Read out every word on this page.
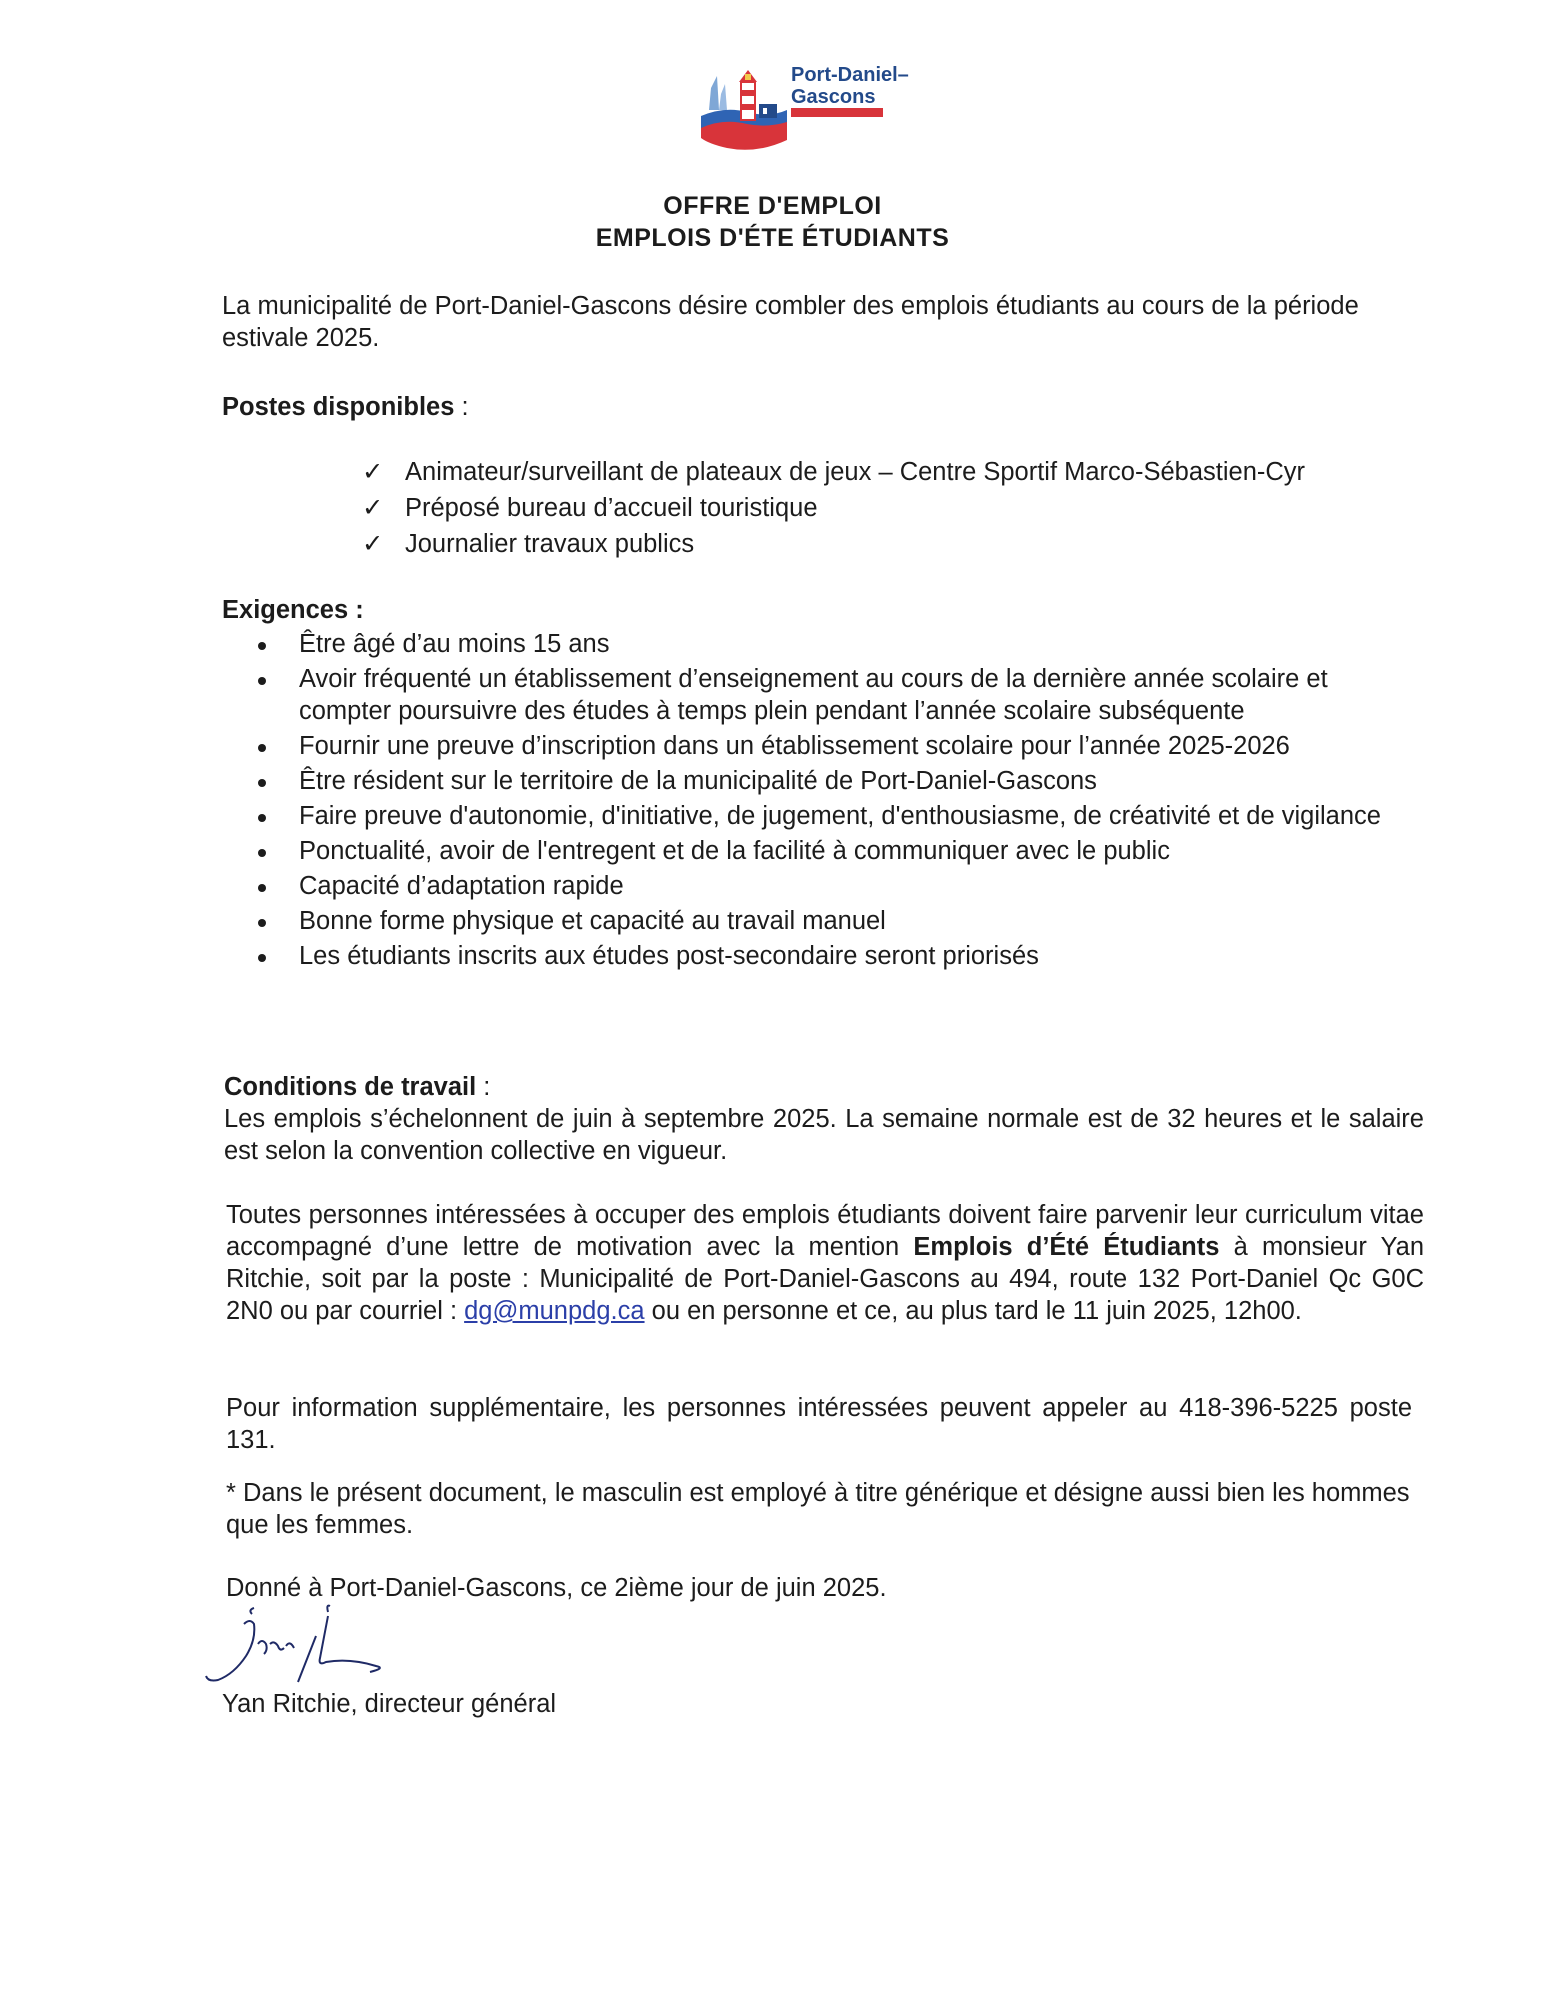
Port-Daniel–
Gascons
OFFRE D'EMPLOI
EMPLOIS D'ÉTE ÉTUDIANTS
La municipalité de Port-Daniel-Gascons désire combler des emplois étudiants au cours de la période estivale 2025.
Postes disponibles :
✓ Animateur/surveillant de plateaux de jeux – Centre Sportif Marco-Sébastien-Cyr
✓ Préposé bureau d’accueil touristique
✓ Journalier travaux publics
Exigences :
Être âgé d’au moins 15 ans
Avoir fréquenté un établissement d’enseignement au cours de la dernière année scolaire et compter poursuivre des études à temps plein pendant l’année scolaire subséquente
Fournir une preuve d’inscription dans un établissement scolaire pour l’année 2025-2026
Être résident sur le territoire de la municipalité de Port-Daniel-Gascons
Faire preuve d'autonomie, d'initiative, de jugement, d'enthousiasme, de créativité et de vigilance
Ponctualité, avoir de l'entregent et de la facilité à communiquer avec le public
Capacité d’adaptation rapide
Bonne forme physique et capacité au travail manuel
Les étudiants inscrits aux études post-secondaire seront priorisés
Conditions de travail :
Les emplois s’échelonnent de juin à septembre 2025. La semaine normale est de 32 heures et le salaire est selon la convention collective en vigueur.
Toutes personnes intéressées à occuper des emplois étudiants doivent faire parvenir leur curriculum vitae accompagné d’une lettre de motivation avec la mention Emplois d’Été Étudiants à monsieur Yan Ritchie, soit par la poste : Municipalité de Port-Daniel-Gascons au 494, route 132 Port-Daniel Qc G0C 2N0 ou par courriel : dg@munpdg.ca ou en personne et ce, au plus tard le 11 juin 2025, 12h00.
Pour information supplémentaire, les personnes intéressées peuvent appeler au 418-396-5225 poste 131.
* Dans le présent document, le masculin est employé à titre générique et désigne aussi bien les hommes que les femmes.
Donné à Port-Daniel-Gascons, ce 2ième jour de juin 2025.
Yan Ritchie, directeur général
